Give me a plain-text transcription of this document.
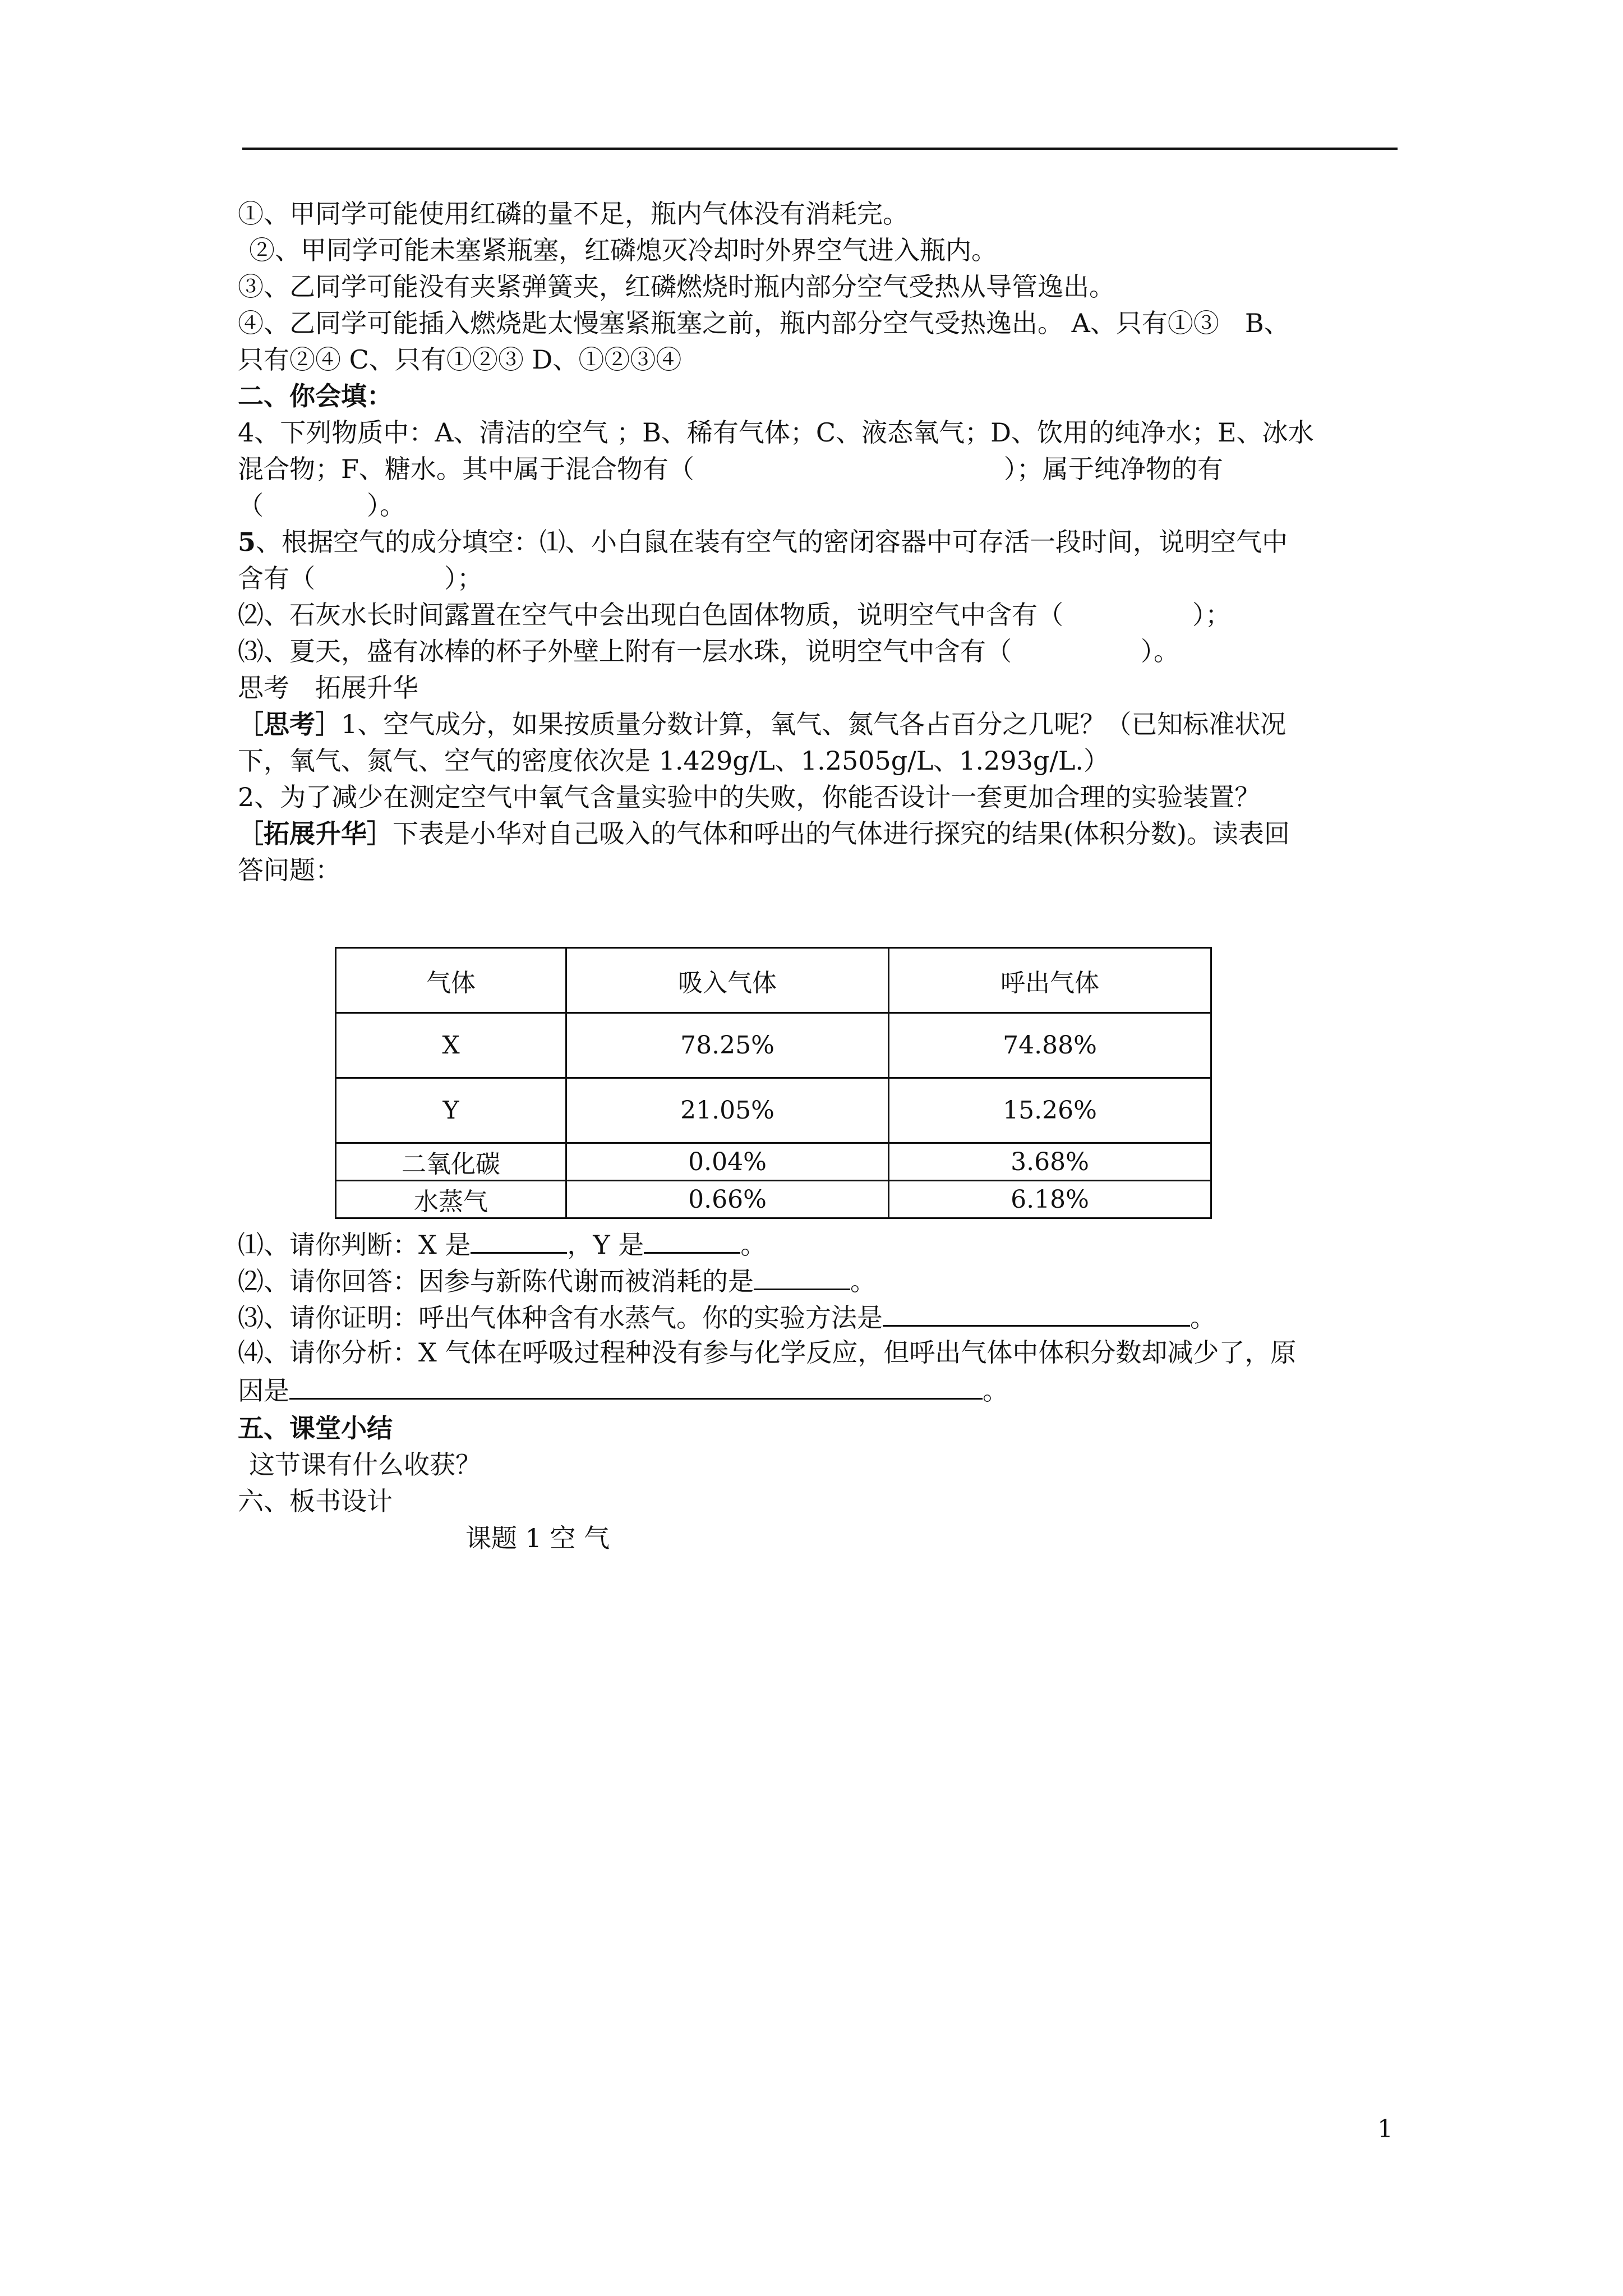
①、甲同学可能使用红磷的量不足，瓶内气体没有消耗完。
②、甲同学可能未塞紧瓶塞，红磷熄灭冷却时外界空气进入瓶内。
③、乙同学可能没有夹紧弹簧夹，红磷燃烧时瓶内部分空气受热从导管逸出。
④、乙同学可能插入燃烧匙太慢塞紧瓶塞之前，瓶内部分空气受热逸出。 A、只有①③　B、
只有②④ C、只有①②③ D、①②③④
二、你会填：
4、下列物质中：A、清洁的空气 ；B、稀有气体；C、液态氧气；D、饮用的纯净水；E、冰水
混合物；F、糖水。其中属于混合物有（　　　　　　　　　　　　）；属于纯净物的有
（　　　　）。
5、根据空气的成分填空：⑴、小白鼠在装有空气的密闭容器中可存活一段时间，说明空气中
含有（　　　　　）；
⑵、石灰水长时间露置在空气中会出现白色固体物质，说明空气中含有（　　　　　）；
⑶、夏天，盛有冰棒的杯子外壁上附有一层水珠，说明空气中含有（　　　　　）。
思考　拓展升华
［思考］1、空气成分，如果按质量分数计算，氧气、氮气各占百分之几呢？（已知标准状况
下，氧气、氮气、空气的密度依次是 1.429g/L、1.2505g/L、1.293g/L.）
2、为了减少在测定空气中氧气含量实验中的失败，你能否设计一套更加合理的实验装置？
［拓展升华］下表是小华对自己吸入的气体和呼出的气体进行探究的结果(体积分数)。读表回
答问题：
气体	吸入气体	呼出气体
X	78.25%	74.88%
Y	21.05%	15.26%
二氧化碳	0.04%	3.68%
水蒸气	0.66%	6.18%
⑴、请你判断：X 是	，Y 是	。
⑵、请你回答：因参与新陈代谢而被消耗的是	。
⑶、请你证明：呼出气体种含有水蒸气。你的实验方法是	。
⑷、请你分析：X 气体在呼吸过程种没有参与化学反应，但呼出气体中体积分数却减少了，原
因是	。
五、课堂小结
这节课有什么收获？
六、板书设计
课题 1 空 气
1
